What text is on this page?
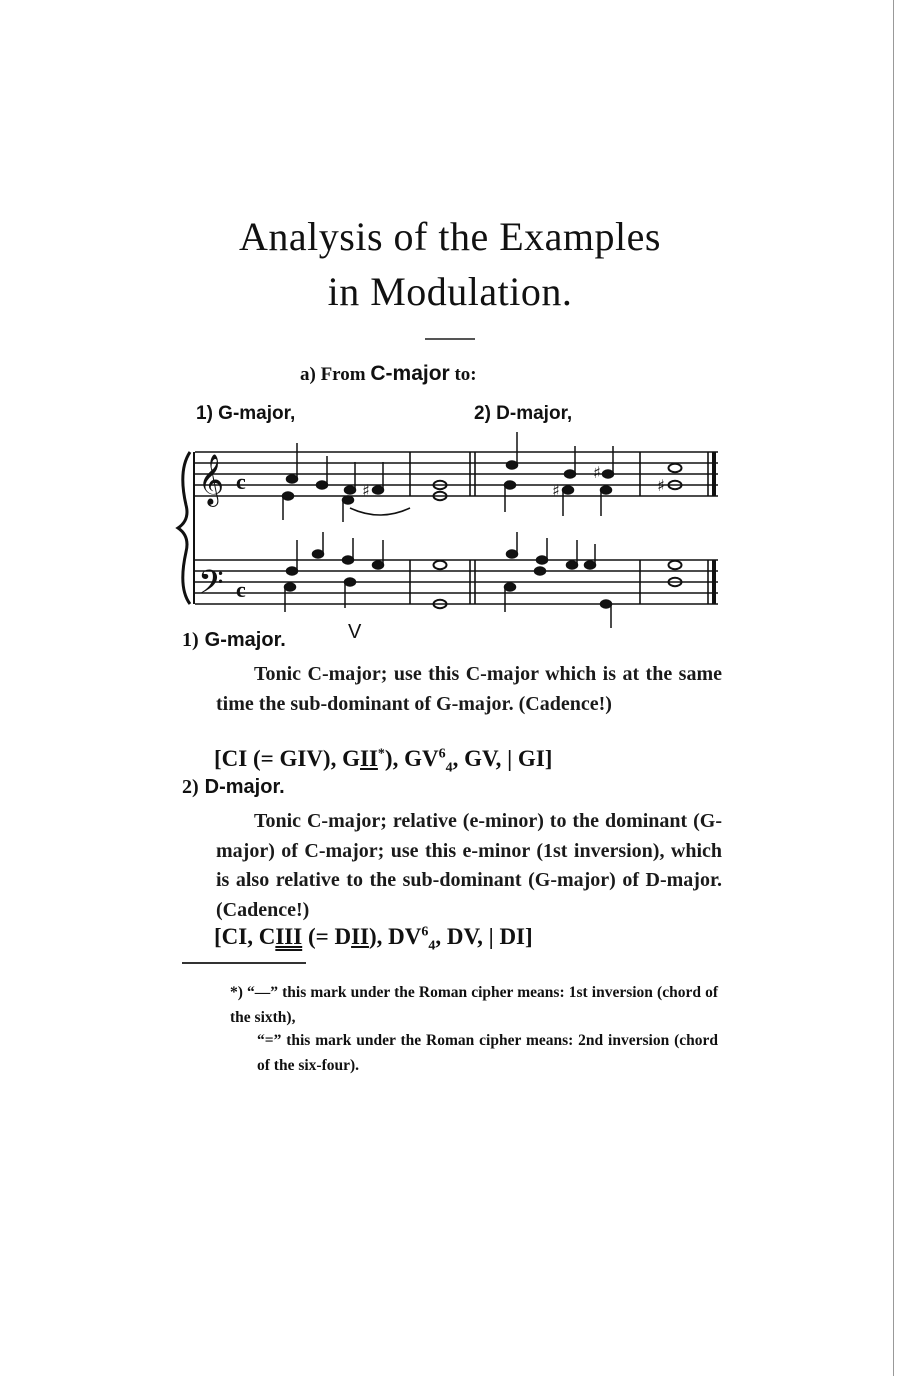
Analysis of the Examples
in Modulation.
a) From C-major to:
1) G-major,	2) D-major,
𝄞
𝄢
c
c
♯	♯
♯
♯
V
1) G-major.
Tonic C-major; use this C-major which is at the same time the sub-dominant of G-major. (Cadence!)
[CI (= GIV), GII*), $GV^6_4$, GV, | GI]
2) D-major.
Tonic C-major; relative (e-minor) to the dominant (G-major) of C-major; use this e-minor (1st inversion), which is also relative to the sub-dominant (G-major) of D-major. (Cadence!)
[CI, CIII (= DII), $DV^6_4$, DV, | DI]
*) “—” this mark under the Roman cipher means: 1st inversion (chord of the sixth),
“=” this mark under the Roman cipher means: 2nd inversion (chord of the six-four).
